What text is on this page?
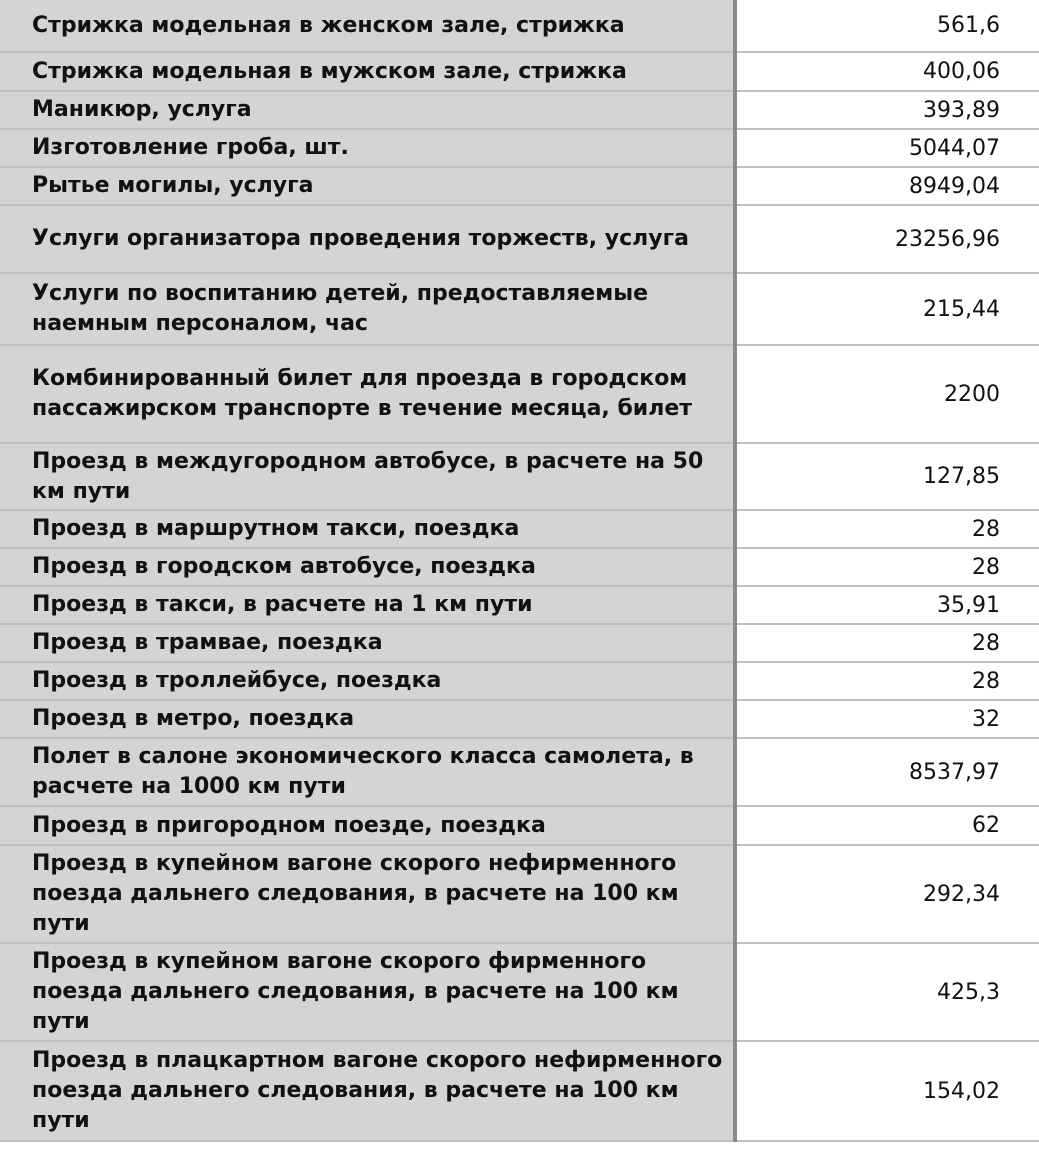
Стрижка модельная в женском зале, стрижка	561,6
Стрижка модельная в мужском зале, стрижка	400,06
Маникюр, услуга	393,89
Изготовление гроба, шт.	5044,07
Рытье могилы, услуга	8949,04
Услуги организатора проведения торжеств, услуга	23256,96
Услуги по воспитанию детей, предоставляемые наемным персоналом, час	215,44
Комбинированный билет для проезда в городском пассажирском транспорте в течение месяца, билет	2200
Проезд в междугородном автобусе, в расчете на 50 км пути	127,85
Проезд в маршрутном такси, поездка	28
Проезд в городском автобусе, поездка	28
Проезд в такси, в расчете на 1 км пути	35,91
Проезд в трамвае, поездка	28
Проезд в троллейбусе, поездка	28
Проезд в метро, поездка	32
Полет в салоне экономического класса самолета, в расчете на 1000 км пути	8537,97
Проезд в пригородном поезде, поездка	62
Проезд в купейном вагоне скорого нефирменного поезда дальнего следования, в расчете на 100 км пути	292,34
Проезд в купейном вагоне скорого фирменного поезда дальнего следования, в расчете на 100 км пути	425,3
Проезд в плацкартном вагоне скорого нефирменного поезда дальнего следования, в расчете на 100 км пути	154,02
